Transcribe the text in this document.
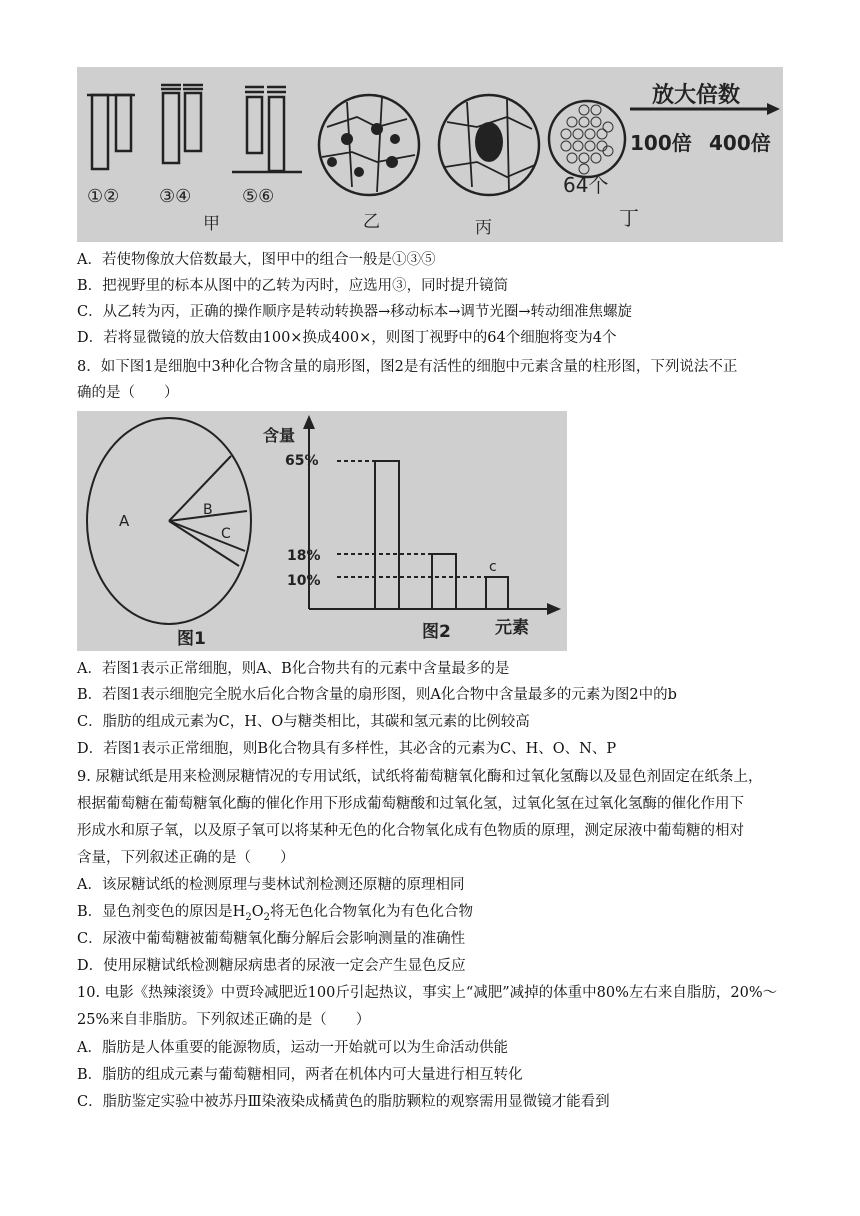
①② ③④	⑤⑥
甲	乙	丙	丁
64个
放大倍数
100倍 400倍
A．若使物像放大倍数最大，图甲中的组合一般是①③⑤
B．把视野里的标本从图中的乙转为丙时，应选用③，同时提升镜筒
C．从乙转为丙，正确的操作顺序是转动转换器→移动标本→调节光圈→转动细准焦螺旋
D．若将显微镜的放大倍数由100×换成400×，则图丁视野中的64个细胞将变为4个
8．如下图1是细胞中3种化合物含量的扇形图，图2是有活性的细胞中元素含量的柱形图，下列说法不正
确的是（　　）
A
B
C
含量
65%
18%
10%
c
图1	图2	元素
A．若图1表示正常细胞，则A、B化合物共有的元素中含量最多的是
B．若图1表示细胞完全脱水后化合物含量的扇形图，则A化合物中含量最多的元素为图2中的b
C．脂肪的组成元素为C，H、O与糖类相比，其碳和氢元素的比例较高
D．若图1表示正常细胞，则B化合物具有多样性，其必含的元素为C、H、O、N、P
9. 尿糖试纸是用来检测尿糖情况的专用试纸，试纸将葡萄糖氧化酶和过氧化氢酶以及显色剂固定在纸条上，
根据葡萄糖在葡萄糖氧化酶的催化作用下形成葡萄糖酸和过氧化氢，过氧化氢在过氧化氢酶的催化作用下
形成水和原子氧，以及原子氧可以将某种无色的化合物氧化成有色物质的原理，测定尿液中葡萄糖的相对
含量，下列叙述正确的是（　　）
A．该尿糖试纸的检测原理与斐林试剂检测还原糖的原理相同
B．显色剂变色的原因是$H_2O_2$将无色化合物氧化为有色化合物
C．尿液中葡萄糖被葡萄糖氧化酶分解后会影响测量的准确性
D．使用尿糖试纸检测糖尿病患者的尿液一定会产生显色反应
10. 电影《热辣滚烫》中贾玲减肥近100斤引起热议，事实上“减肥”减掉的体重中80%左右来自脂肪，20%～
25%来自非脂肪。下列叙述正确的是（　　）
A．脂肪是人体重要的能源物质，运动一开始就可以为生命活动供能
B．脂肪的组成元素与葡萄糖相同，两者在机体内可大量进行相互转化
C．脂肪鉴定实验中被苏丹Ⅲ染液染成橘黄色的脂肪颗粒的观察需用显微镜才能看到
